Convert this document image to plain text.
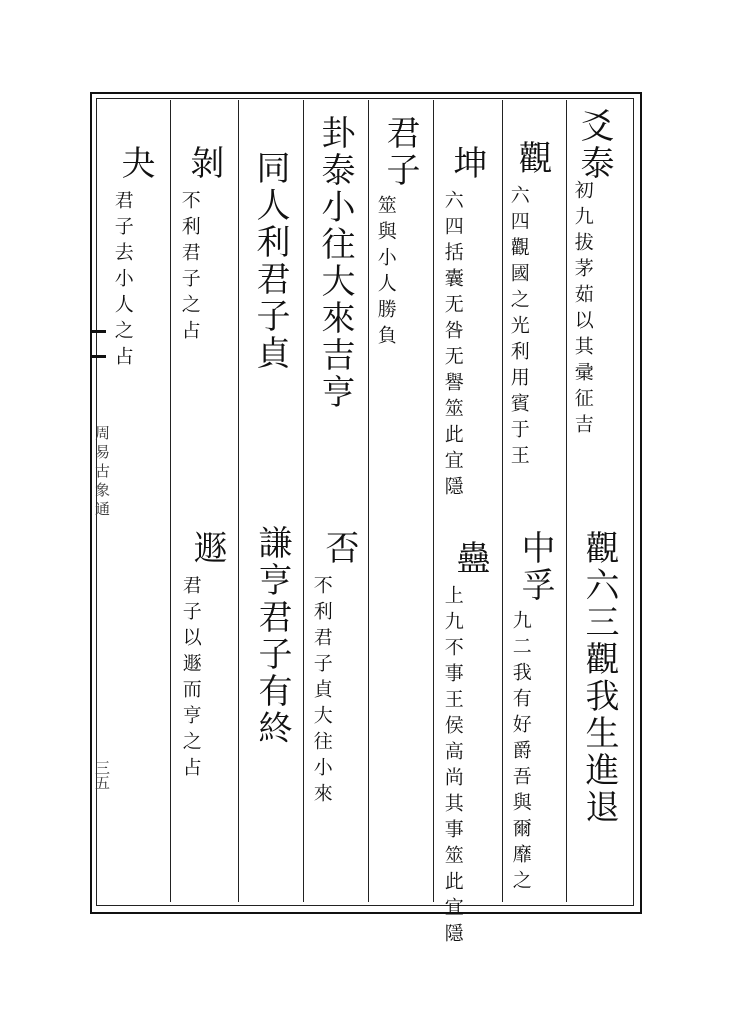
周易古象通
三五
爻泰
初九拔茅茹以其彚征吉
觀六三觀我生進退
觀
六四觀國之光利用賓于王
中孚
九二我有好爵吾與爾靡之
坤
六四括囊无咎无譽筮此宜隱
蠱
上九不事王侯高尚其事筮此宜隱
君子
筮與小人勝負
卦泰小往大來吉亨
否
不利君子貞大往小來
同人利君子貞
謙亨君子有終
剝
不利君子之占
遯
君子以遯而亨之占
夬
君子去小人之占
